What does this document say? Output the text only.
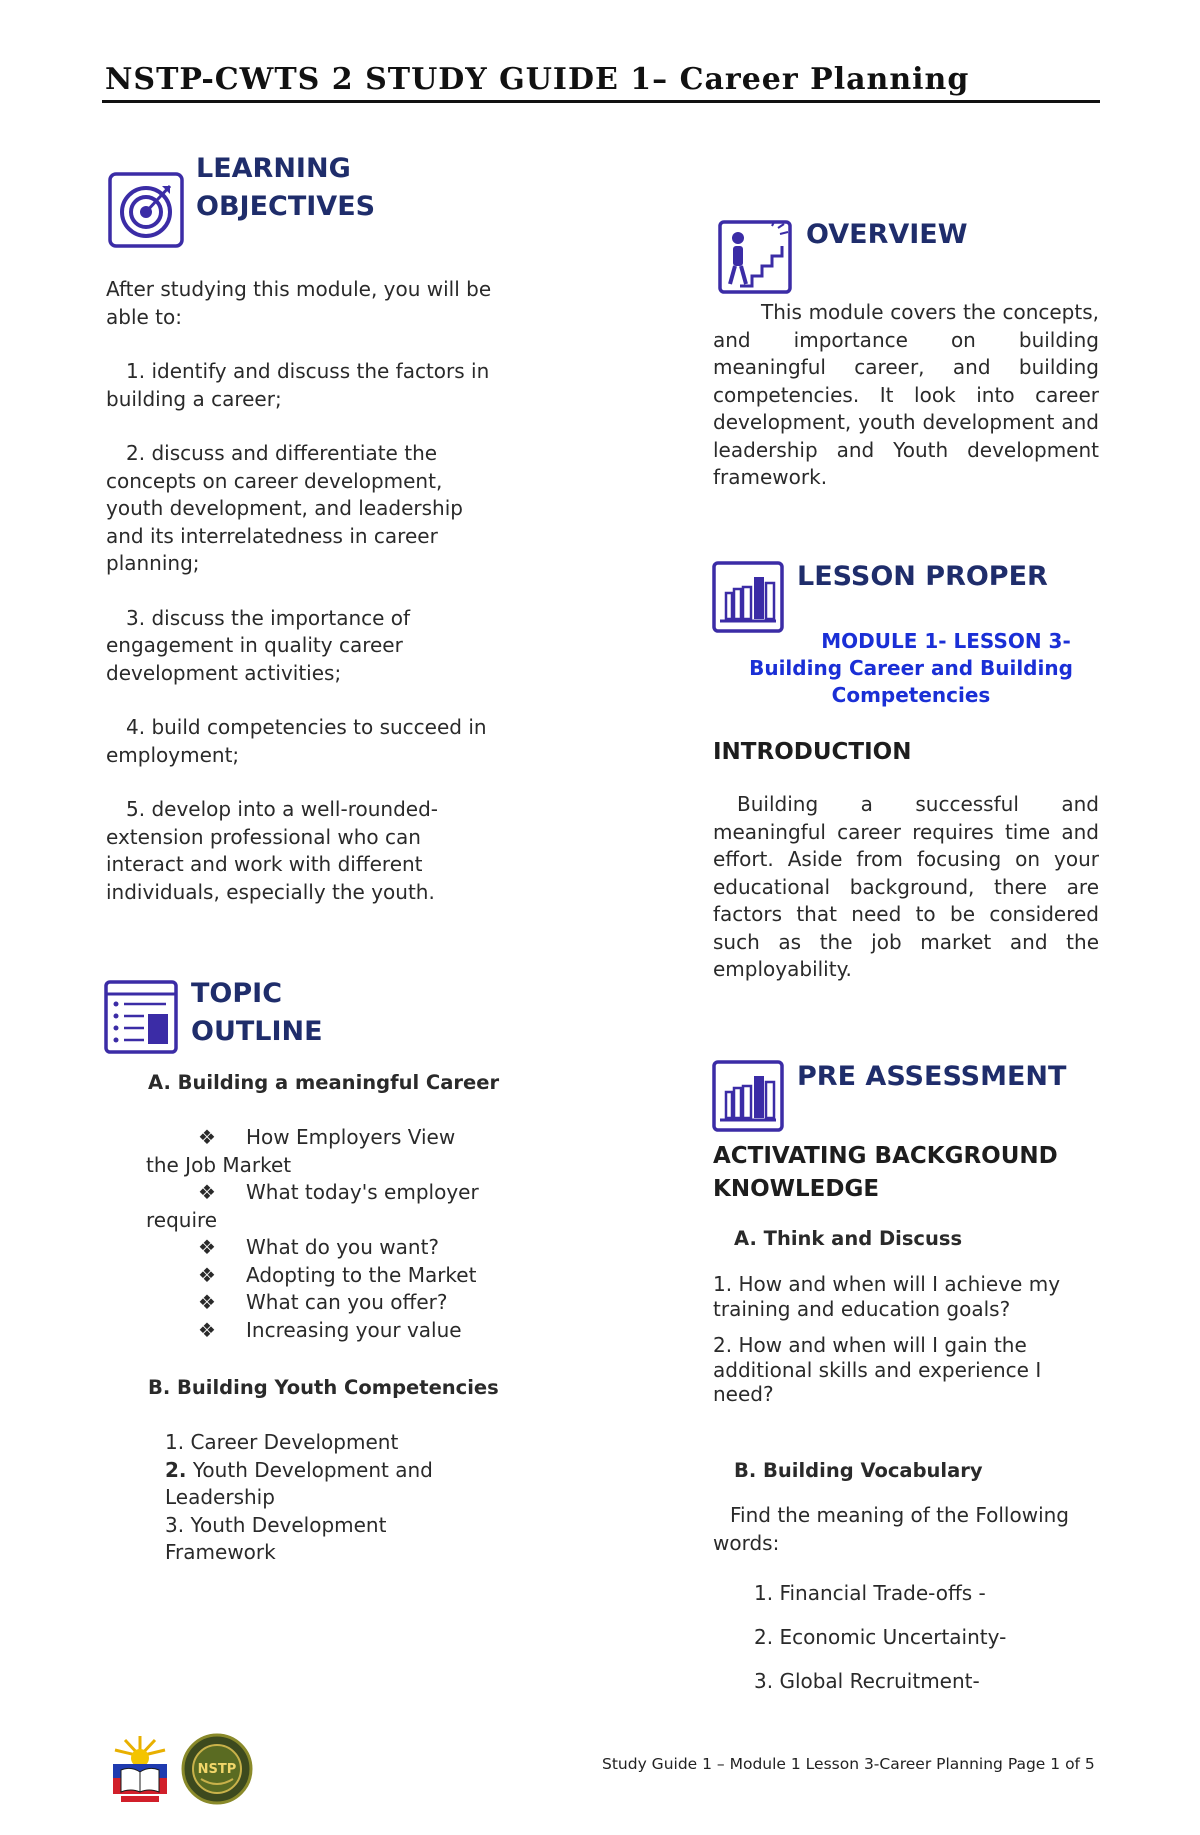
NSTP-CWTS 2 STUDY GUIDE 1– Career Planning
LEARNING
OBJECTIVES

After studying this module, you will be able to:

1. identify and discuss the factors in building a career;

2. discuss and differentiate the concepts on career development, youth development, and leadership and its interrelatedness in career planning;

3. discuss the importance of engagement in quality career development activities;

4. build competencies to succeed in employment;

5. develop into a well-rounded-extension professional who can interact and work with different individuals, especially the youth.

TOPIC
OUTLINE
A. Building a meaningful Career

❖ How Employers View the Job Market

❖ What today's employer require

❖ What do you want?

❖ Adopting to the Market

❖ What can you offer?

❖ Increasing your value

B. Building Youth Competencies

1. Career Development

2. Youth Development and Leadership

3. Youth Development Framework

OVERVIEW
This module covers the concepts, and importance on building meaningful career, and building competencies. It look into career development, youth development and leadership and Youth development framework.
LESSON PROPER
MODULE 1- LESSON 3-
Building Career and Building
Competencies
INTRODUCTION
Building a successful and meaningful career requires time and effort. Aside from focusing on your educational background, there are factors that need to be considered such as the job market and the employability.
PRE ASSESSMENT
ACTIVATING BACKGROUND
KNOWLEDGE
A. Think and Discuss

1. How and when will I achieve my training and education goals?

2. How and when will I gain the additional skills and experience I need?

B. Building Vocabulary
Find the meaning of the Following words:

1. Financial Trade-offs -

2. Economic Uncertainty-

3. Global Recruitment-

NSTP	Study Guide 1 – Module 1 Lesson 3-Career Planning Page 1 of 5
